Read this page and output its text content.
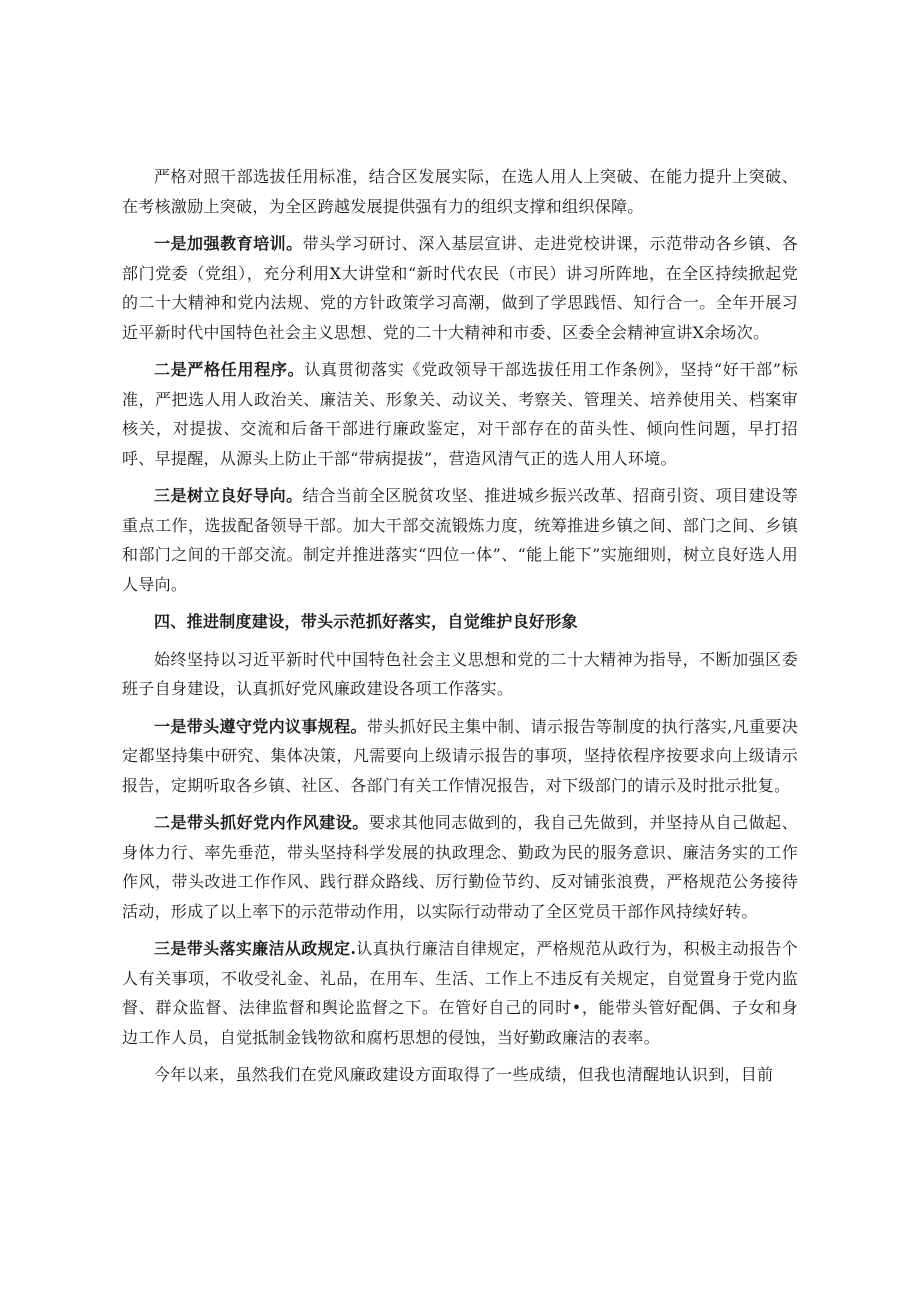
严格对照干部选拔任用标准，结合区发展实际，在选人用人上突破、在能力提升上突破、在考核激励上突破，为全区跨越发展提供强有力的组织支撑和组织保障。

一是加强教育培训。带头学习研讨、深入基层宣讲、走进党校讲课，示范带动各乡镇、各部门党委（党组），充分利用X大讲堂和“新时代农民（市民）讲习所阵地，在全区持续掀起党的二十大精神和党内法规、党的方针政策学习高潮，做到了学思践悟、知行合一。全年开展习近平新时代中国特色社会主义思想、党的二十大精神和市委、区委全会精神宣讲X余场次。

二是严格任用程序。认真贯彻落实《党政领导干部选拔任用工作条例》，坚持“好干部”标准，严把选人用人政治关、廉洁关、形象关、动议关、考察关、管理关、培养使用关、档案审核关，对提拔、交流和后备干部进行廉政鉴定，对干部存在的苗头性、倾向性问题，早打招呼、早提醒，从源头上防止干部“带病提拔”，营造风清气正的选人用人环境。

三是树立良好导向。结合当前全区脱贫攻坚、推进城乡振兴改革、招商引资、项目建设等重点工作，选拔配备领导干部。加大干部交流锻炼力度，统筹推进乡镇之间、部门之间、乡镇和部门之间的干部交流。制定并推进落实“四位一体”、“能上能下”实施细则，树立良好选人用人导向。

四、推进制度建设，带头示范抓好落实，自觉维护良好形象

始终坚持以习近平新时代中国特色社会主义思想和党的二十大精神为指导，不断加强区委班子自身建设，认真抓好党风廉政建设各项工作落实。

一是带头遵守党内议事规程。带头抓好民主集中制、请示报告等制度的执行落实,凡重要决定都坚持集中研究、集体决策，凡需要向上级请示报告的事项，坚持依程序按要求向上级请示报告，定期听取各乡镇、社区、各部门有关工作情况报告，对下级部门的请示及时批示批复。

二是带头抓好党内作风建设。要求其他同志做到的，我自己先做到，并坚持从自己做起、身体力行、率先垂范，带头坚持科学发展的执政理念、勤政为民的服务意识、廉洁务实的工作作风，带头改进工作作风、践行群众路线、厉行勤俭节约、反对铺张浪费，严格规范公务接待活动，形成了以上率下的示范带动作用，以实际行动带动了全区党员干部作风持续好转。

三是带头落实廉洁从政规定.认真执行廉洁自律规定，严格规范从政行为，积极主动报告个人有关事项，不收受礼金、礼品，在用车、生活、工作上不违反有关规定，自觉置身于党内监督、群众监督、法律监督和舆论监督之下。在管好自己的同时•，能带头管好配偶、子女和身边工作人员，自觉抵制金钱物欲和腐朽思想的侵蚀，当好勤政廉洁的表率。

今年以来，虽然我们在党风廉政建设方面取得了一些成绩，但我也清醒地认识到，目前
